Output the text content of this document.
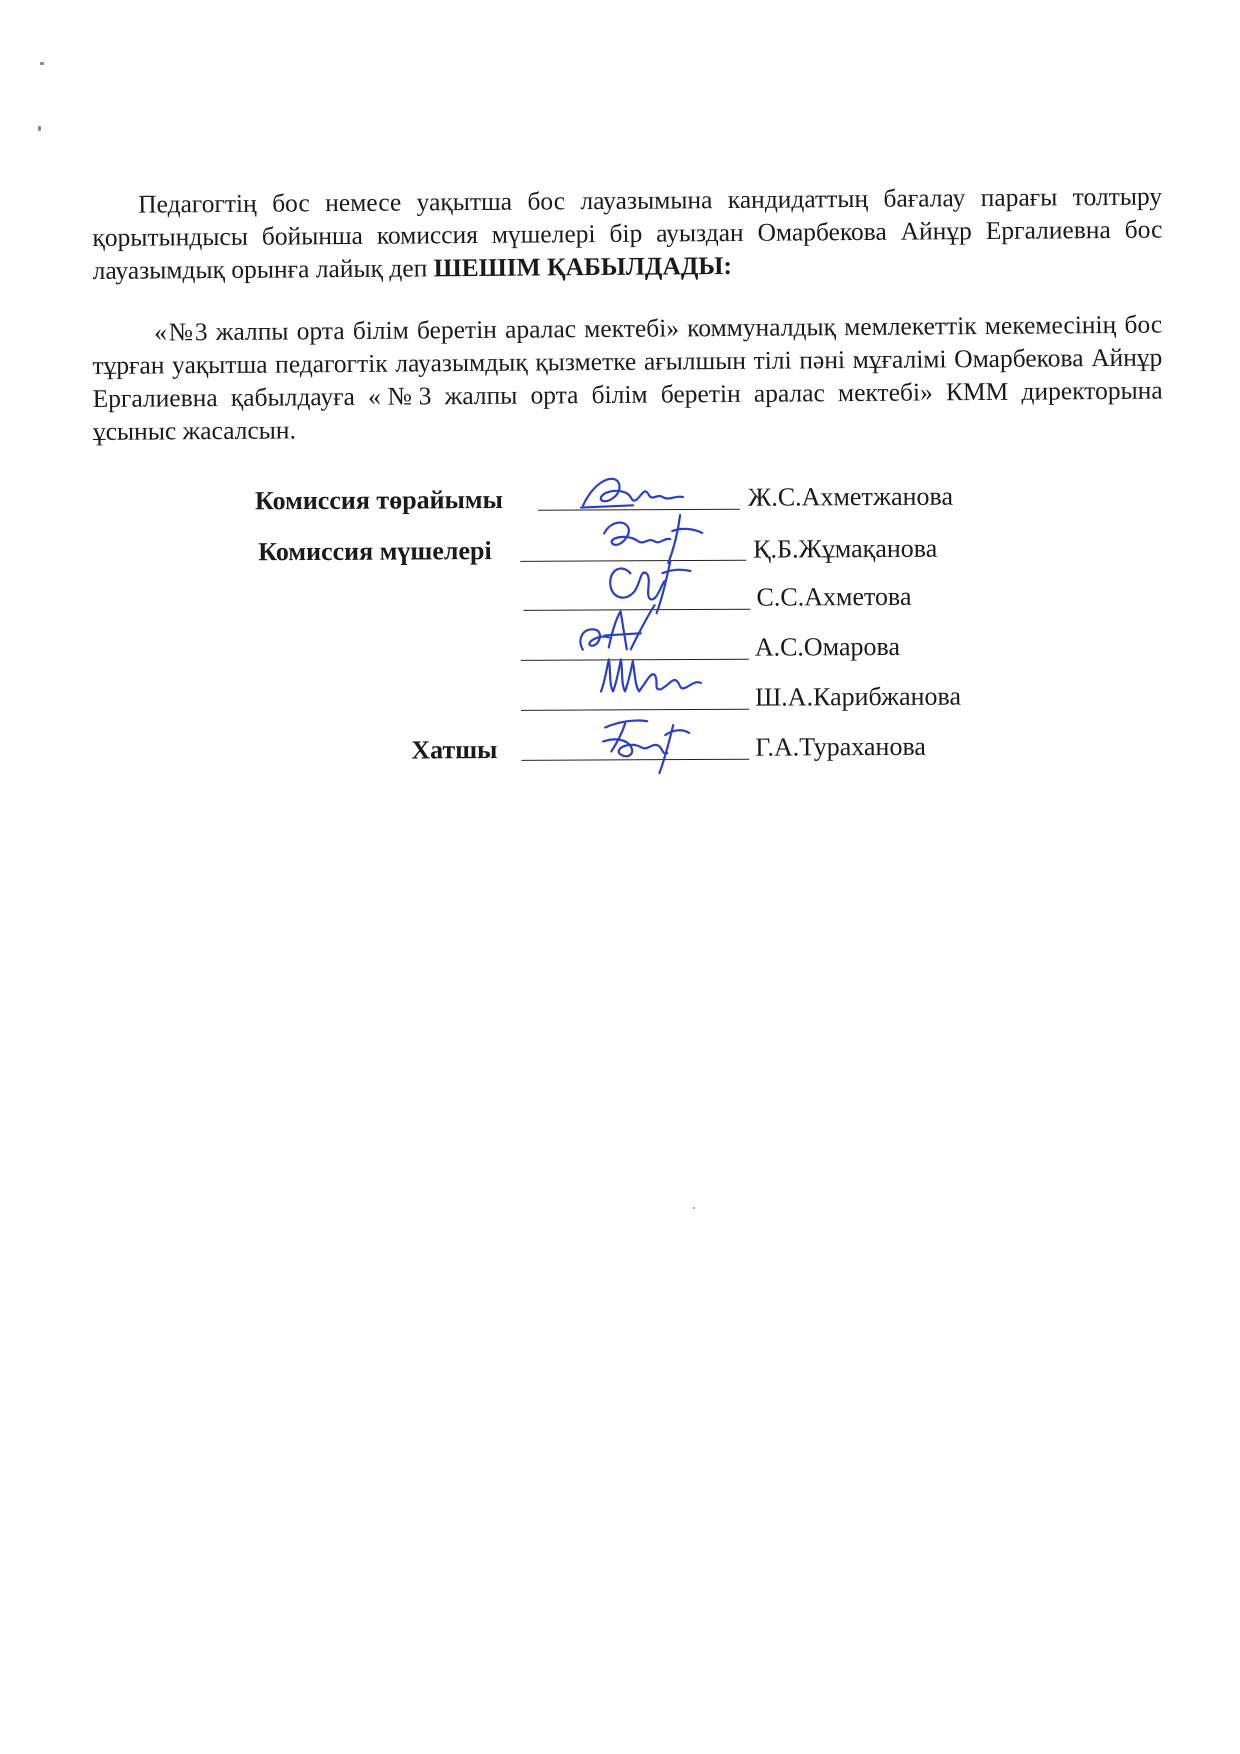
Педагогтің бос немесе уақытша бос лауазымына кандидаттың бағалау парағы толтыру қорытындысы бойынша комиссия мүшелері бір ауыздан Омарбекова Айнұр Ергалиевна бос лауазымдық орынға лайық деп ШЕШІМ ҚАБЫЛДАДЫ:

«№3 жалпы орта білім беретін аралас мектебі» коммуналдық мемлекеттік мекемесінің бос тұрған уақытша педагогтік лауазымдық қызметке ағылшын тілі пәні мұғалімі Омарбекова Айнұр Ергалиевна қабылдауға «№3 жалпы орта білім беретін аралас мектебі» КММ директорына ұсыныс жасалсын.

Комиссия төрайымы	Ж.С.Ахметжанова
Комиссия мүшелері	Қ.Б.Жұмақанова
С.С.Ахметова
А.С.Омарова
Ш.А.Карибжанова
Хатшы	Г.А.Тураханова
